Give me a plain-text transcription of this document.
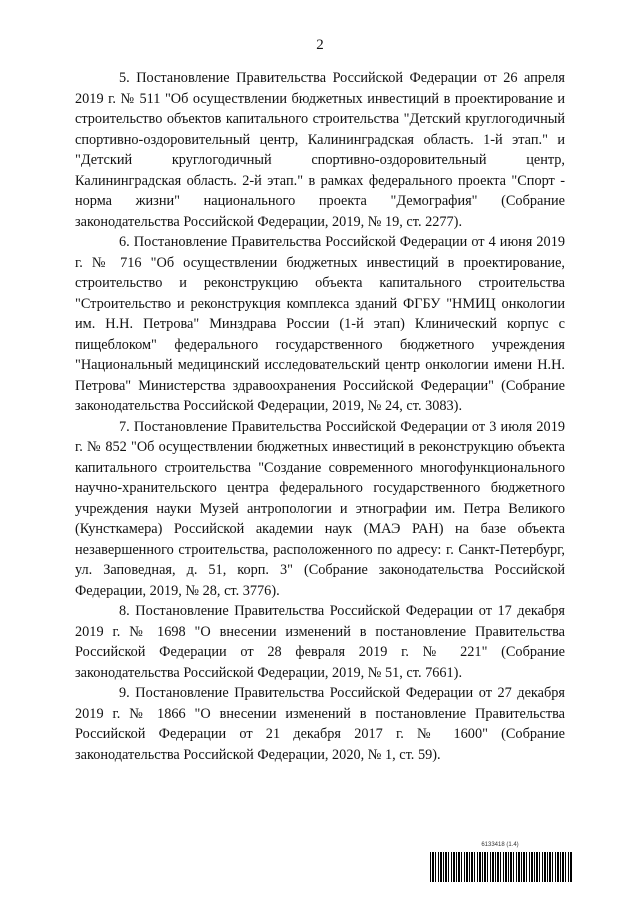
2

5. Постановление Правительства Российской Федерации от 26 апреля 2019 г. № 511 "Об осуществлении бюджетных инвестиций в проектирование и строительство объектов капитального строительства "Детский круглогодичный спортивно-оздоровительный центр, Калининградская область. 1-й этап." и "Детский круглогодичный спортивно-оздоровительный центр, Калининградская область. 2-й этап." в рамках федерального проекта "Спорт - норма жизни" национального проекта "Демография" (Собрание законодательства Российской Федерации, 2019, № 19, ст. 2277).

6. Постановление Правительства Российской Федерации от 4 июня 2019 г. № 716 "Об осуществлении бюджетных инвестиций в проектирование, строительство и реконструкцию объекта капитального строительства "Строительство и реконструкция комплекса зданий ФГБУ "НМИЦ онкологии им. Н.Н. Петрова" Минздрава России (1-й этап) Клинический корпус с пищеблоком" федерального государственного бюджетного учреждения "Национальный медицинский исследовательский центр онкологии имени Н.Н. Петрова" Министерства здравоохранения Российской Федерации" (Собрание законодательства Российской Федерации, 2019, № 24, ст. 3083).

7. Постановление Правительства Российской Федерации от 3 июля 2019 г. № 852 "Об осуществлении бюджетных инвестиций в реконструкцию объекта капитального строительства "Создание современного многофункционального научно-хранительского центра федерального государственного бюджетного учреждения науки Музей антропологии и этнографии им. Петра Великого (Кунсткамера) Российской академии наук (МАЭ РАН) на базе объекта незавершенного строительства, расположенного по адресу: г. Санкт-Петербург, ул. Заповедная, д. 51, корп. 3" (Собрание законодательства Российской Федерации, 2019, № 28, ст. 3776).

8. Постановление Правительства Российской Федерации от 17 декабря 2019 г. № 1698 "О внесении изменений в постановление Правительства Российской Федерации от 28 февраля 2019 г. № 221" (Собрание законодательства Российской Федерации, 2019, № 51, ст. 7661).

9. Постановление Правительства Российской Федерации от 27 декабря 2019 г. № 1866 "О внесении изменений в постановление Правительства Российской Федерации от 21 декабря 2017 г. № 1600" (Собрание законодательства Российской Федерации, 2020, № 1, ст. 59).

6133418 (1.4)
